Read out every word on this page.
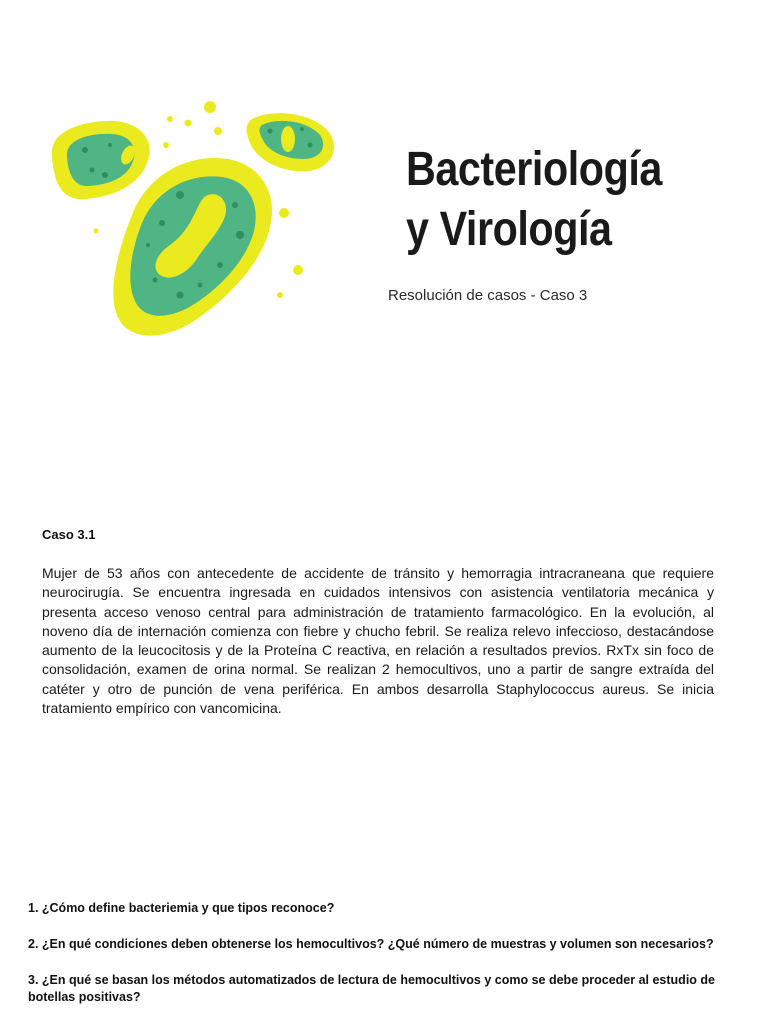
Bacteriología
y Virología

Resolución de casos - Caso 3

Caso 3.1

Mujer de 53 años con antecedente de accidente de tránsito y hemorragia intracraneana que requiere neurocirugía. Se encuentra ingresada en cuidados intensivos con asistencia ventilatoria mecánica y presenta acceso venoso central para administración de tratamiento farmacológico. En la evolución, al noveno día de internación comienza con fiebre y chucho febril. Se realiza relevo infeccioso, destacándose aumento de la leucocitosis y de la Proteína C reactiva, en relación a resultados previos. RxTx sin foco de consolidación, examen de orina normal. Se realizan 2 hemocultivos, uno a partir de sangre extraída del catéter y otro de punción de vena periférica. En ambos desarrolla Staphylococcus aureus. Se inicia tratamiento empírico con vancomicina.

1. ¿Cómo define bacteriemia y que tipos reconoce?
2. ¿En qué condiciones deben obtenerse los hemocultivos? ¿Qué número de muestras y volumen son necesarios?
3. ¿En qué se basan los métodos automatizados de lectura de hemocultivos y como se debe proceder al estudio de botellas positivas?
